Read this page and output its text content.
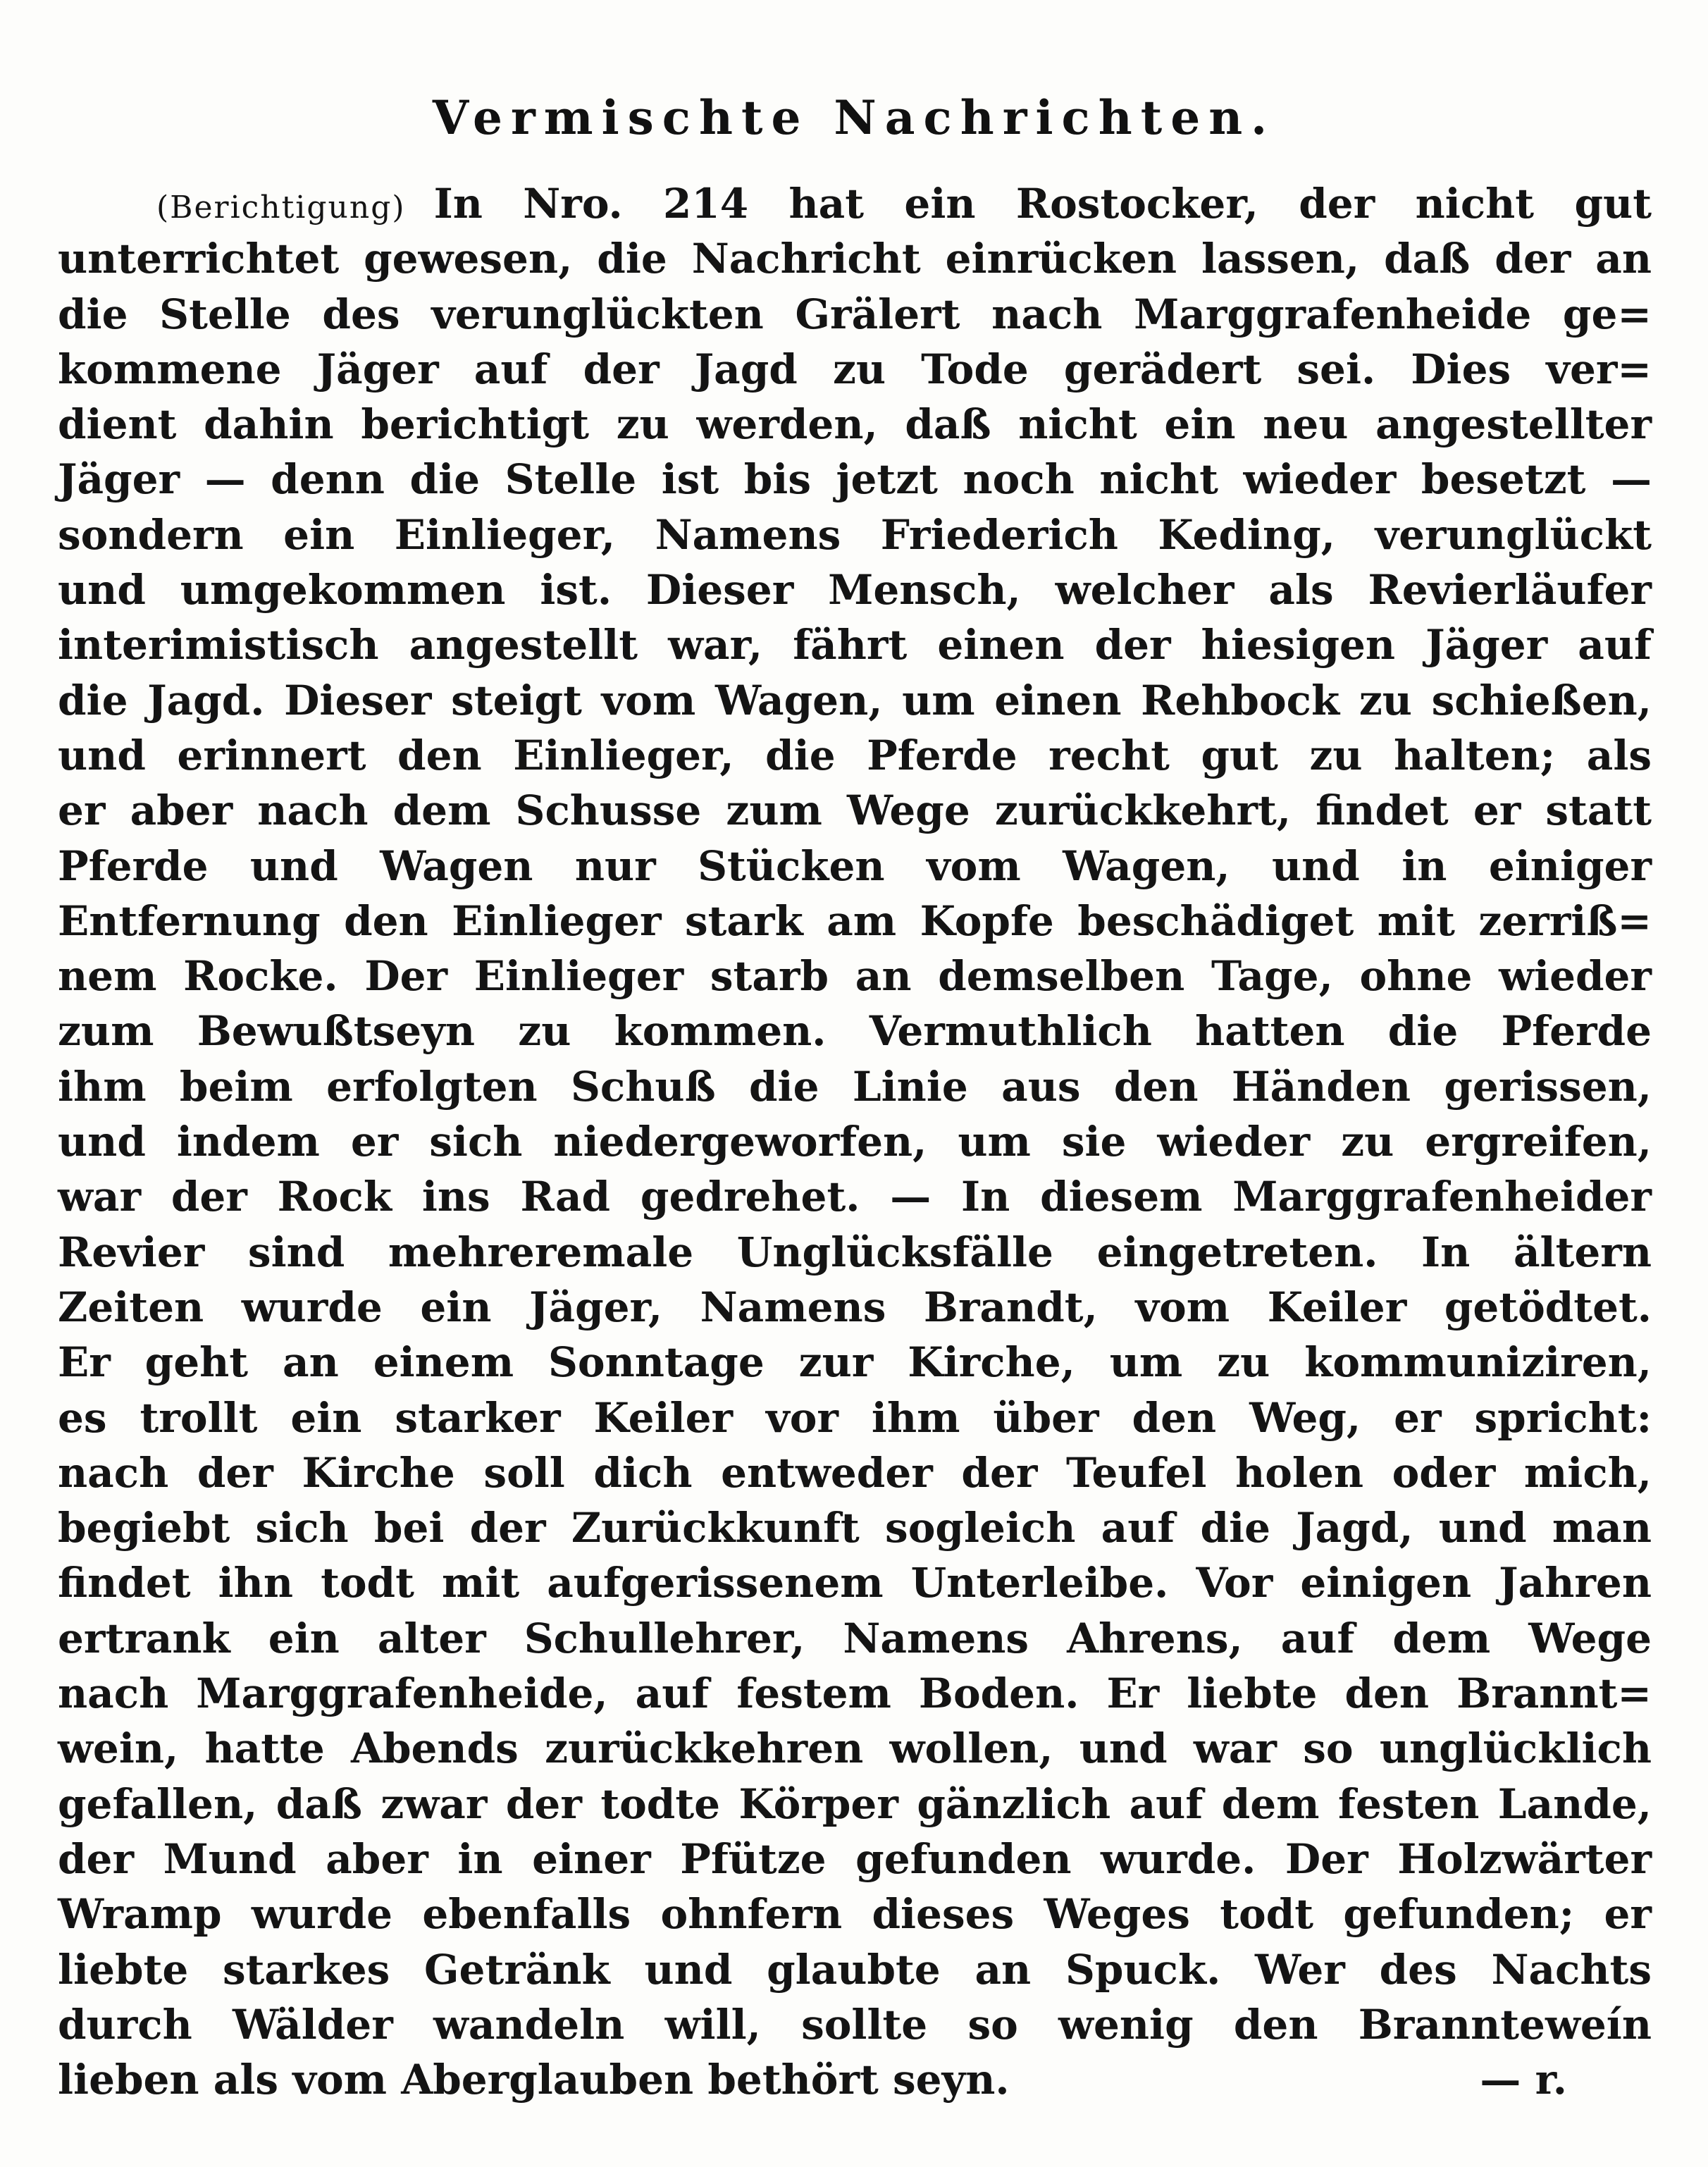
Vermischte Nachrichten.
(Berichtigung) In Nro. 214 hat ein Rostocker, der nicht gut
unterrichtet gewesen, die Nachricht einrücken lassen, daß der an
die Stelle des verunglückten Grälert nach Marggrafenheide ge=
kommene Jäger auf der Jagd zu Tode gerädert sei. Dies ver=
dient dahin berichtigt zu werden, daß nicht ein neu angestellter
Jäger — denn die Stelle ist bis jetzt noch nicht wieder besetzt —
sondern ein Einlieger, Namens Friederich Keding, verunglückt
und umgekommen ist. Dieser Mensch, welcher als Revierläufer
interimistisch angestellt war, fährt einen der hiesigen Jäger auf
die Jagd. Dieser steigt vom Wagen, um einen Rehbock zu schießen,
und erinnert den Einlieger, die Pferde recht gut zu halten; als
er aber nach dem Schusse zum Wege zurückkehrt, findet er statt
Pferde und Wagen nur Stücken vom Wagen, und in einiger
Entfernung den Einlieger stark am Kopfe beschädiget mit zerriß=
nem Rocke. Der Einlieger starb an demselben Tage, ohne wieder
zum Bewußtseyn zu kommen. Vermuthlich hatten die Pferde
ihm beim erfolgten Schuß die Linie aus den Händen gerissen,
und indem er sich niedergeworfen, um sie wieder zu ergreifen,
war der Rock ins Rad gedrehet. — In diesem Marggrafenheider
Revier sind mehreremale Unglücksfälle eingetreten. In ältern
Zeiten wurde ein Jäger, Namens Brandt, vom Keiler getödtet.
Er geht an einem Sonntage zur Kirche, um zu kommuniziren,
es trollt ein starker Keiler vor ihm über den Weg, er spricht:
nach der Kirche soll dich entweder der Teufel holen oder mich,
begiebt sich bei der Zurückkunft sogleich auf die Jagd, und man
findet ihn todt mit aufgerissenem Unterleibe. Vor einigen Jahren
ertrank ein alter Schullehrer, Namens Ahrens, auf dem Wege
nach Marggrafenheide, auf festem Boden. Er liebte den Brannt=
wein, hatte Abends zurückkehren wollen, und war so unglücklich
gefallen, daß zwar der todte Körper gänzlich auf dem festen Lande,
der Mund aber in einer Pfütze gefunden wurde. Der Holzwärter
Wramp wurde ebenfalls ohnfern dieses Weges todt gefunden; er
liebte starkes Getränk und glaubte an Spuck. Wer des Nachts
durch Wälder wandeln will, sollte so wenig den Brannteweín
lieben als vom Aberglauben bethört seyn.	— r.
